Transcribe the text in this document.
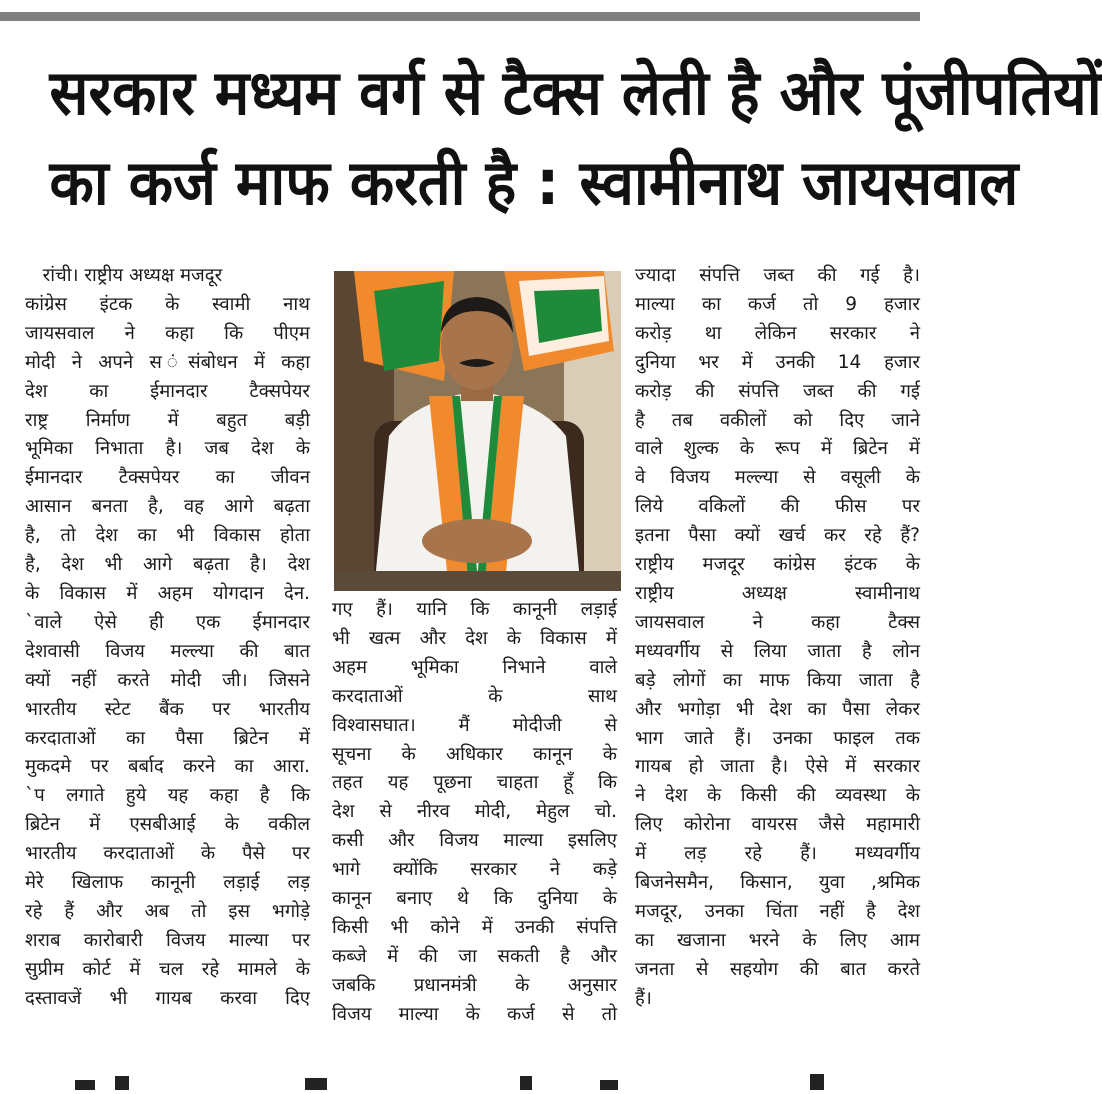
सरकार मध्यम वर्ग से टैक्स लेती है और पूंजीपतियों
का कर्ज माफ करती है : स्वामीनाथ जायसवाल

रांची। राष्ट्रीय अध्यक्ष मजदूर

कांग्रेस इंटक के स्वामी नाथ

जायसवाल ने कहा कि पीएम

मोदी ने अपने स ंसंबोधन में कहा

देश का ईमानदार टैक्सपेयर

राष्ट्र निर्माण में बहुत बड़ी

भूमिका निभाता है। जब देश के

ईमानदार टैक्सपेयर का जीवन

आसान बनता है, वह आगे बढ़ता

है, तो देश का भी विकास होता

है, देश भी आगे बढ़ता है। देश

के विकास में अहम योगदान देन.

`वाले ऐसे ही एक ईमानदार

देशवासी विजय मल्ल्या की बात

क्यों नहीं करते मोदी जी। जिसने

भारतीय स्टेट बैंक पर भारतीय

करदाताओं का पैसा ब्रिटेन में

मुकदमे पर बर्बाद करने का आरा.

`प लगाते हुये यह कहा है कि

ब्रिटेन में एसबीआई के वकील

भारतीय करदाताओं के पैसे पर

मेरे खिलाफ कानूनी लड़ाई लड़

रहे हैं और अब तो इस भगोड़े

शराब कारोबारी विजय माल्या पर

सुप्रीम कोर्ट में चल रहे मामले के

दस्तावजें भी गायब करवा दिए

गए हैं। यानि कि कानूनी लड़ाई

भी खत्म और देश के विकास में

अहम भूमिका निभाने वाले

करदाताओं के साथ

विश्वासघात। मैं मोदीजी से

सूचना के अधिकार कानून के

तहत यह पूछना चाहता हूँ कि

देश से नीरव मोदी, मेहुल चो.

कसी और विजय माल्या इसलिए

भागे क्योंकि सरकार ने कड़े

कानून बनाए थे कि दुनिया के

किसी भी कोने में उनकी संपत्ति

कब्जे में की जा सकती है और

जबकि प्रधानमंत्री के अनुसार

विजय माल्या के कर्ज से तो

ज्यादा संपत्ति जब्त की गई है।

माल्या का कर्ज तो 9 हजार

करोड़ था लेकिन सरकार ने

दुनिया भर में उनकी 14 हजार

करोड़ की संपत्ति जब्त की गई

है तब वकीलों को दिए जाने

वाले शुल्क के रूप में ब्रिटेन में

वे विजय मल्ल्या से वसूली के

लिये वकिलों की फीस पर

इतना पैसा क्यों खर्च कर रहे हैं?

राष्ट्रीय मजदूर कांग्रेस इंटक के

राष्ट्रीय अध्यक्ष स्वामीनाथ

जायसवाल ने कहा टैक्स

मध्यवर्गीय से लिया जाता है लोन

बड़े लोगों का माफ किया जाता है

और भगोड़ा भी देश का पैसा लेकर

भाग जाते हैं। उनका फाइल तक

गायब हो जाता है। ऐसे में सरकार

ने देश के किसी की व्यवस्था के

लिए कोरोना वायरस जैसे महामारी

में लड़ रहे हैं। मध्यवर्गीय

बिजनेसमैन, किसान, युवा ,श्रमिक

मजदूर, उनका चिंता नहीं है देश

का खजाना भरने के लिए आम

जनता से सहयोग की बात करते

हैं।
